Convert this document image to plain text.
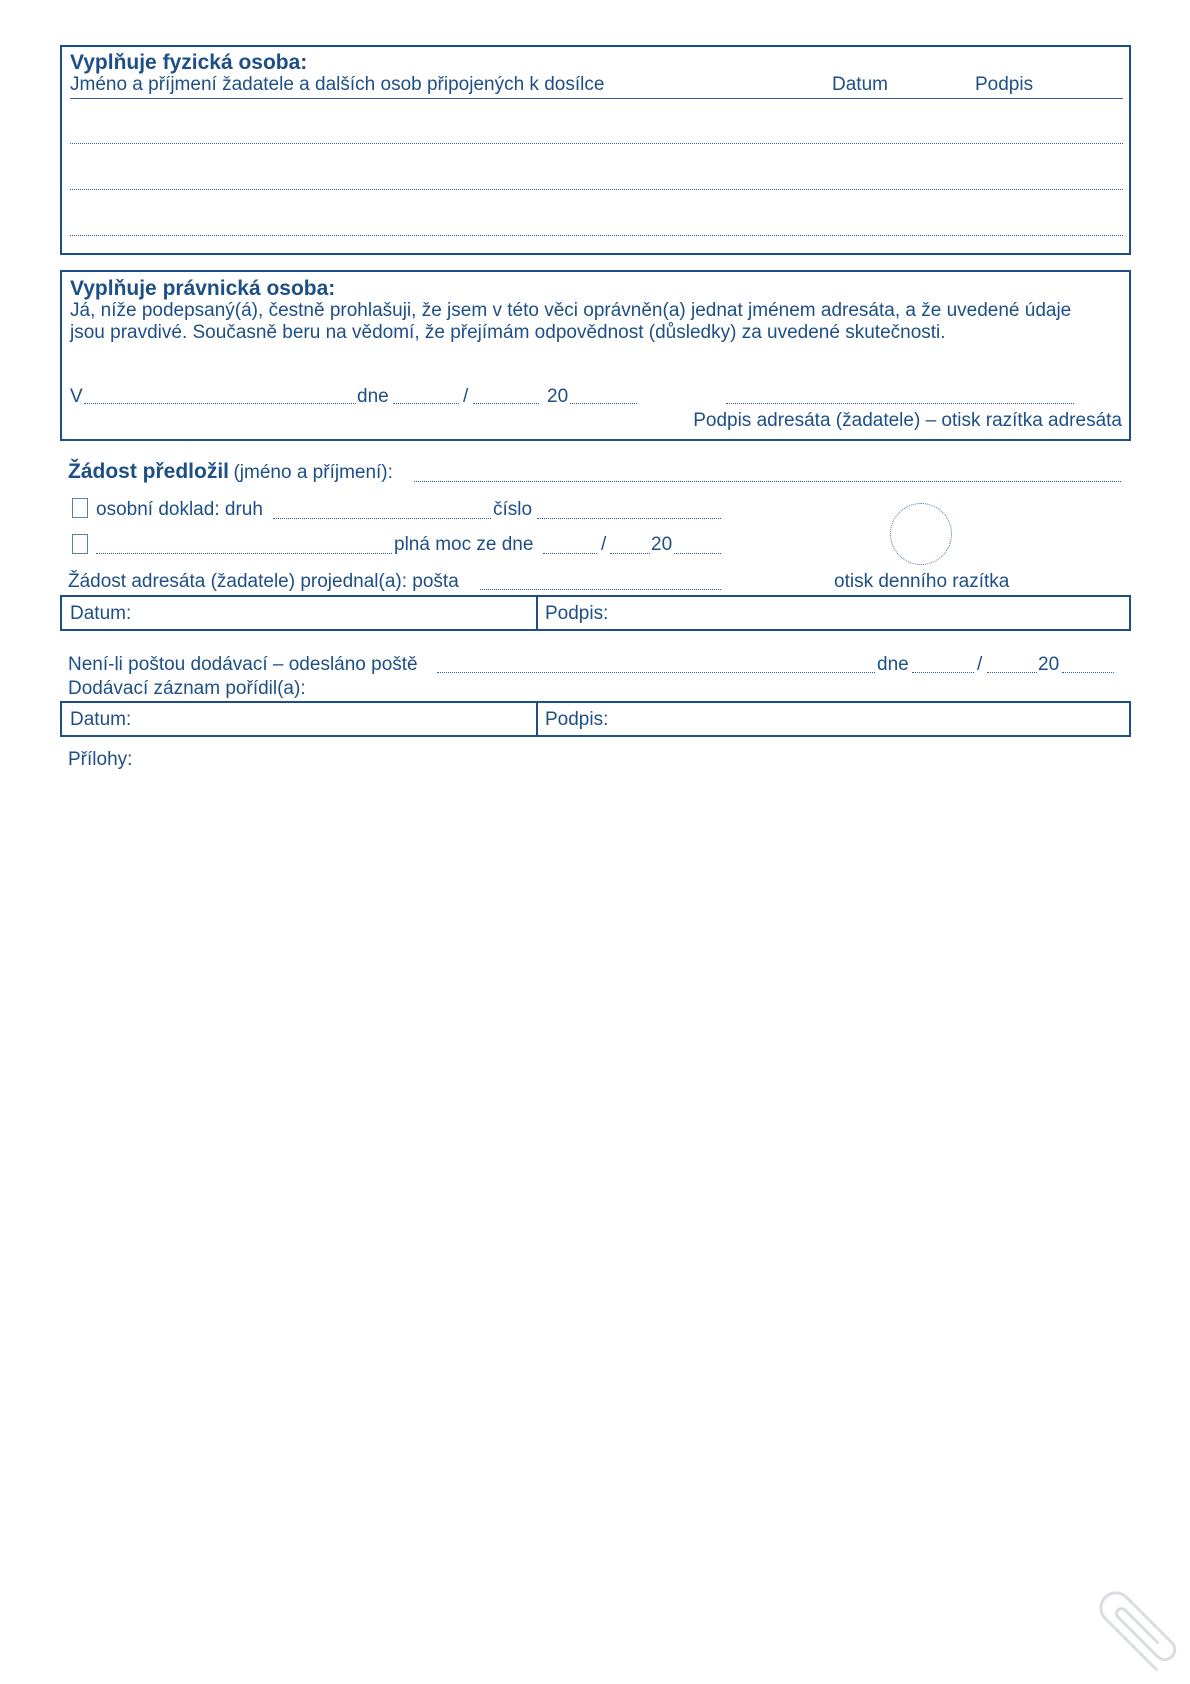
Vyplňuje fyzická osoba:
Jméno a příjmení žadatele a dalších osob připojených k dosílce	Datum	Podpis
Vyplňuje právnická osoba:
Já, níže podepsaný(á), čestně prohlašuji, že jsem v této věci oprávněn(a) jednat jménem adresáta, a že uvedené údaje
jsou pravdivé. Současně beru na vědomí, že přejímám odpovědnost (důsledky) za uvedené skutečnosti.
V	dne	/	20
Podpis adresáta (žadatele) – otisk razítka adresáta
Žádost předložil (jméno a příjmení):
osobní doklad: druh	číslo
plná moc ze dne	/ 20
Žádost adresáta (žadatele) projednal(a): pošta	otisk denního razítka
Datum:	Podpis:
Není-li poštou dodávací – odesláno poště	dne	/	20
Dodávací záznam pořídil(a):
Datum:	Podpis:
Přílohy:
